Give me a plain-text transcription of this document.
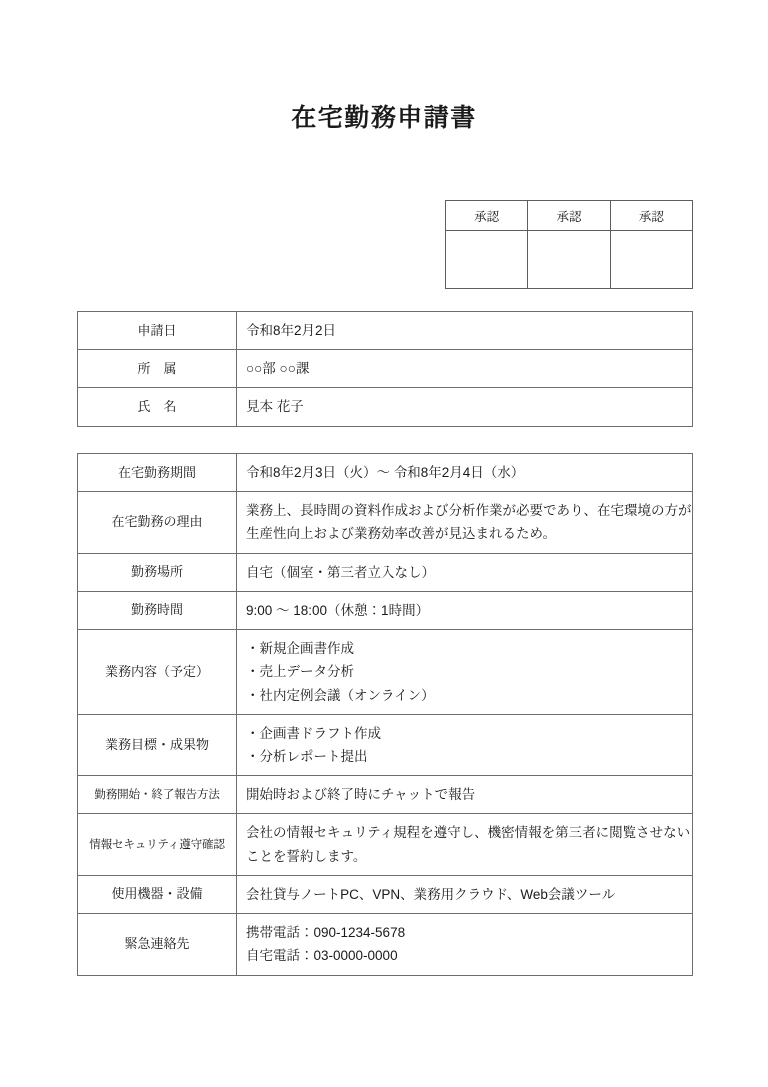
在宅勤務申請書
承認	承認	承認

申請日	令和8年2月2日
所　属	○○部 ○○課
氏　名	見本 花子
在宅勤務期間	令和8年2月3日（火）〜 令和8年2月4日（水）

在宅勤務の理由	業務上、長時間の資料作成および分析作業が必要であり、在宅環境の方が生産性向上および業務効率改善が見込まれるため。

勤務場所	自宅（個室・第三者立入なし）

勤務時間	9:00 〜 18:00（休憩：1時間）

業務内容（予定）	・新規企画書作成
・売上データ分析
・社内定例会議（オンライン）

業務目標・成果物	・企画書ドラフト作成
・分析レポート提出

勤務開始・終了報告方法	開始時および終了時にチャットで報告

情報セキュリティ遵守確認	会社の情報セキュリティ規程を遵守し、機密情報を第三者に閲覧させないことを誓約します。

使用機器・設備	会社貸与ノートPC、VPN、業務用クラウド、Web会議ツール

緊急連絡先	携帯電話：090-1234-5678
自宅電話：03-0000-0000
